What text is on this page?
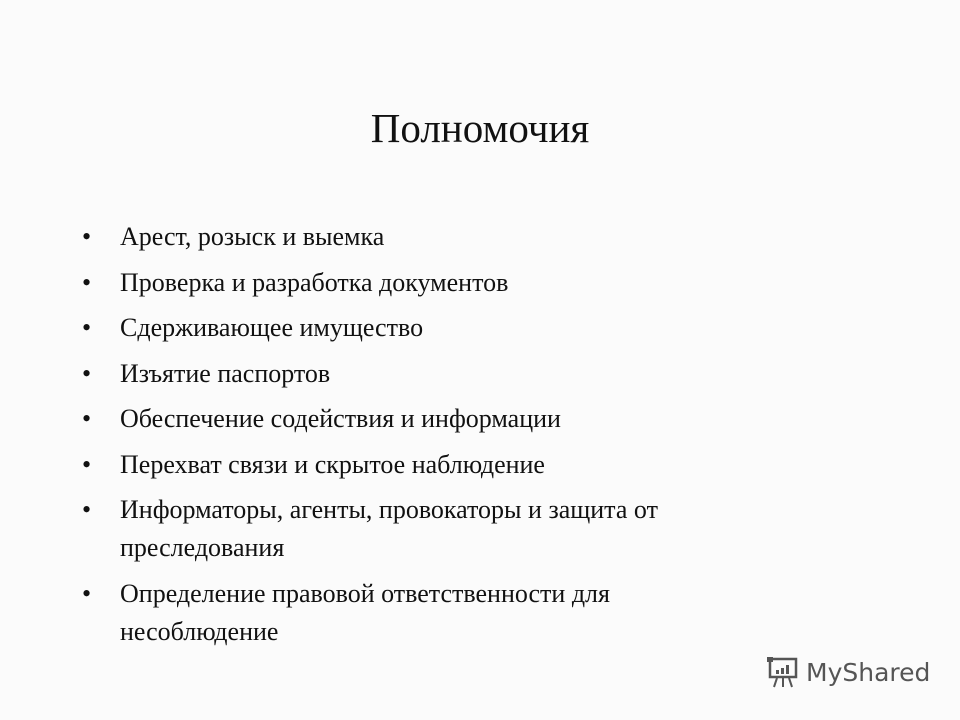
Полномочия
• Арест, розыск и выемка
• Проверка и разработка документов
• Сдерживающее имущество
• Изъятие паспортов
• Обеспечение содействия и информации
• Перехват связи и скрытое наблюдение
• Информаторы, агенты, провокаторы и защита от преследования
• Определение правовой ответственности для несоблюдение
MyShared
